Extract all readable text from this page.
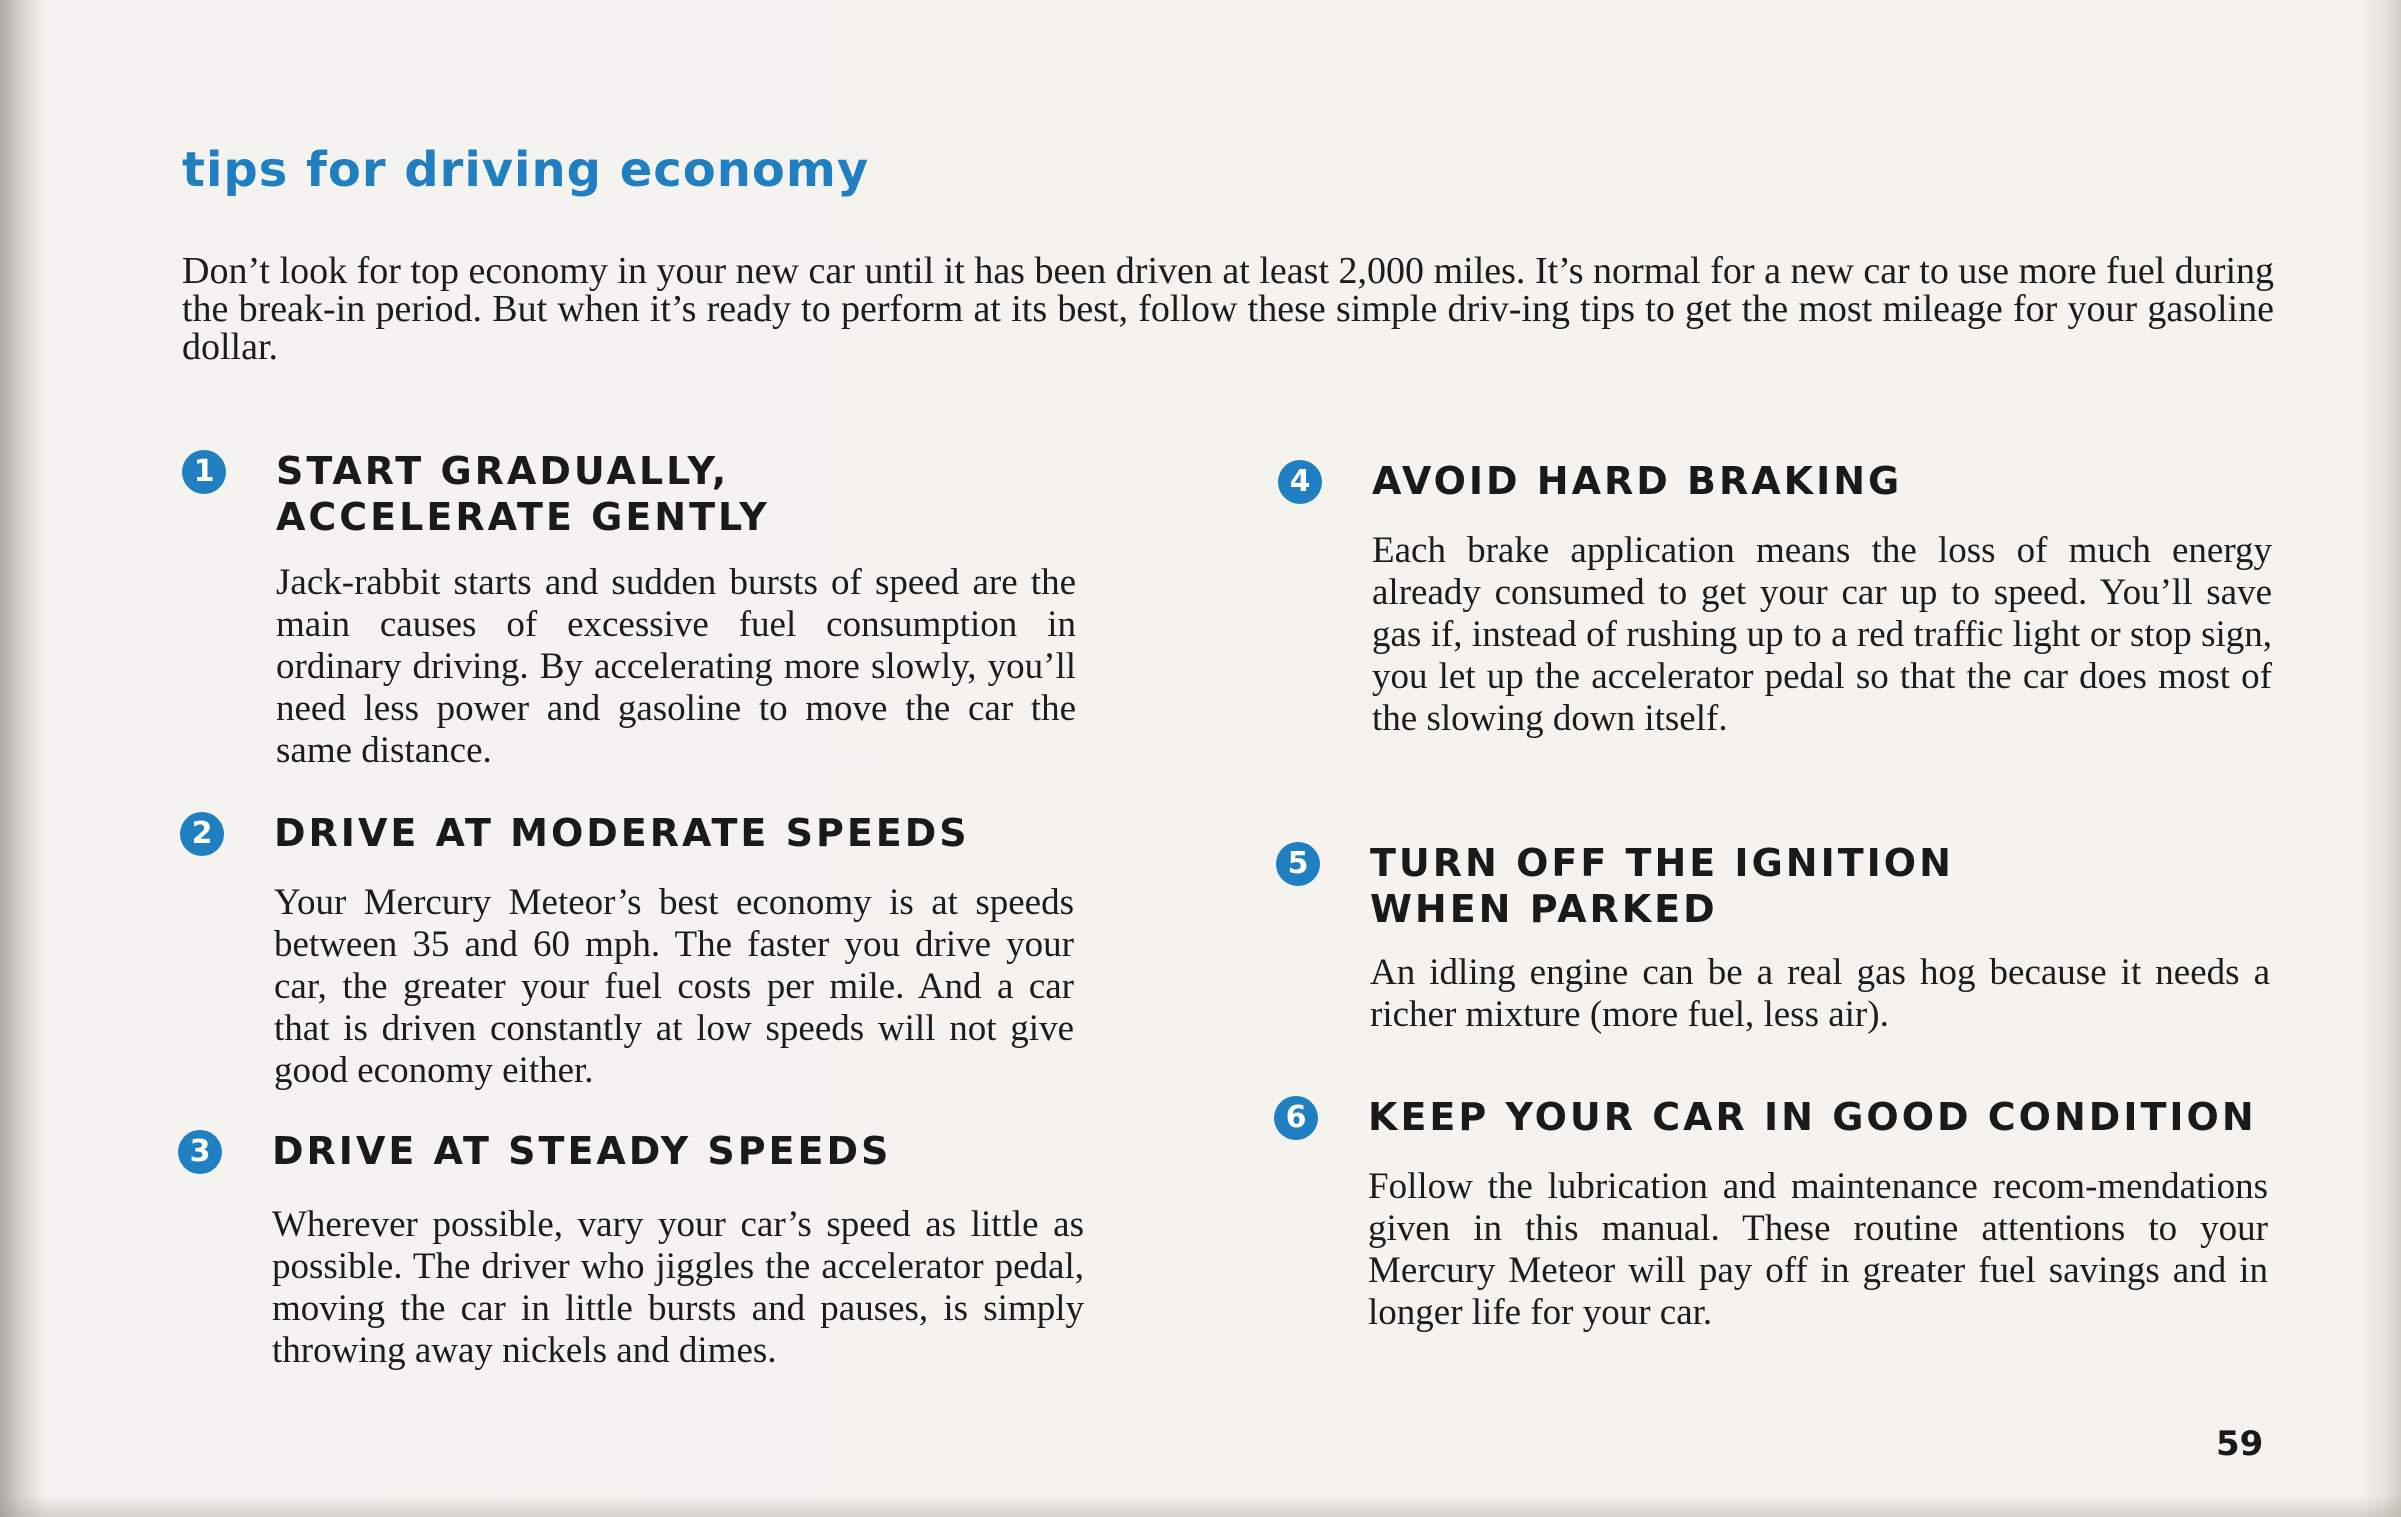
tips for driving economy

Don’t look for top economy in your new car until it has been driven at least 2,000 miles. It’s normal for a new car to use more fuel during the break-in period. But when it’s ready to perform at its best, follow these simple driv-ing tips to get the most mileage for your gasoline dollar.

1	START GRADUALLY, ACCELERATE GENTLY

Jack-rabbit starts and sudden bursts of speed are the main causes of excessive fuel consumption in ordinary driving. By accelerating more slowly, you’ll need less power and gasoline to move the car the same distance.

2	DRIVE AT MODERATE SPEEDS

Your Mercury Meteor’s best economy is at speeds between 35 and 60 mph. The faster you drive your car, the greater your fuel costs per mile. And a car that is driven constantly at low speeds will not give good economy either.

3	DRIVE AT STEADY SPEEDS

Wherever possible, vary your car’s speed as little as possible. The driver who jiggles the accelerator pedal, moving the car in little bursts and pauses, is simply throwing away nickels and dimes.

4	AVOID HARD BRAKING

Each brake application means the loss of much energy already consumed to get your car up to speed. You’ll save gas if, instead of rushing up to a red traffic light or stop sign, you let up the accelerator pedal so that the car does most of the slowing down itself.

5	TURN OFF THE IGNITION WHEN PARKED

An idling engine can be a real gas hog because it needs a richer mixture (more fuel, less air).

6	KEEP YOUR CAR IN GOOD CONDITION

Follow the lubrication and maintenance recom-mendations given in this manual. These routine attentions to your Mercury Meteor will pay off in greater fuel savings and in longer life for your car.

59
